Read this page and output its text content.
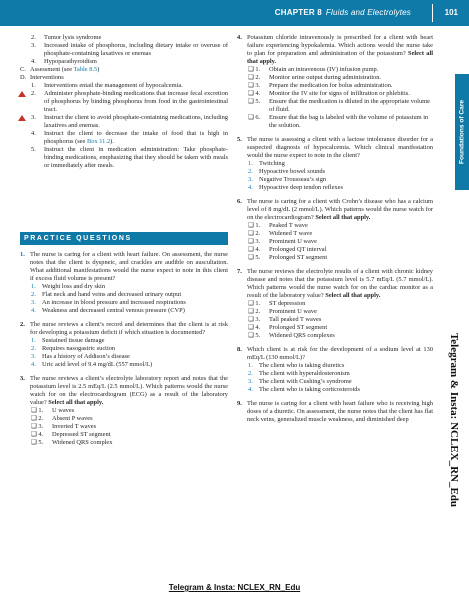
CHAPTER 8 Fluids and Electrolytes	101
Foundations of Care
Telegram & Insta: NCLEX_RN_Edu
2. Tumor lysis syndrome
3. Increased intake of phosphorus, including dietary intake or overuse of phosphate-containing laxatives or enemas
4. Hypoparathyroidism
C. Assessment (see Table 8.5)
D. Interventions
1. Interventions entail the management of hypocalcemia.
2. Administer phosphate-binding medications that increase fecal excretion of phosphorus by binding phosphorus from food in the gastrointestinal tract.
3. Instruct the client to avoid phosphate-containing medications, including laxatives and enemas.
4. Instruct the client to decrease the intake of food that is high in phosphorus (see Box 11.2).
5. Instruct the client in medication administration: Take phosphate-binding medications, emphasizing that they should be taken with meals or immediately after meals.
PRACTICE QUESTIONS
1. The nurse is caring for a client with heart failure. On assessment, the nurse notes that the client is dyspneic, and crackles are audible on auscultation. What additional manifestations would the nurse expect to note in this client if excess fluid volume is present?
1. Weight loss and dry skin
2. Flat neck and hand veins and decreased urinary output
3. An increase in blood pressure and increased respirations
4. Weakness and decreased central venous pressure (CVP)
2. The nurse reviews a client’s record and determines that the client is at risk for developing a potassium deficit if which situation is documented?
1. Sustained tissue damage
2. Requires nasogastric suction
3. Has a history of Addison’s disease
4. Uric acid level of 9.4 mg/dL (557 mmol/L)
3. The nurse reviews a client’s electrolyte laboratory report and notes that the potassium level is 2.5 mEq/L (2.5 mmol/L). Which patterns would the nurse watch for on the electrocardiogram (ECG) as a result of the laboratory value? Select all that apply.
❑ 1. U waves
❑ 2. Absent P waves
❑ 3. Inverted T waves
❑ 4. Depressed ST segment
❑ 5. Widened QRS complex
4. Potassium chloride intravenously is prescribed for a client with heart failure experiencing hypokalemia. Which actions would the nurse take to plan for preparation and administration of the potassium? Select all that apply.
❑ 1.	Obtain an intravenous (IV) infusion pump.
❑ 2.	Monitor urine output during administration.
❑ 3.	Prepare the medication for bolus administration.
❑ 4.	Monitor the IV site for signs of infiltration or phlebitis.
❑ 5.	Ensure that the medication is diluted in the appropriate volume of fluid.
❑ 6.	Ensure that the bag is labeled with the volume of potassium in the solution.
5. The nurse is assessing a client with a lactose intolerance disorder for a suspected diagnosis of hypocalcemia. Which clinical manifestation would the nurse expect to note in the client?
1. Twitching
2. Hypoactive bowel sounds
3. Negative Trousseau’s sign
4. Hypoactive deep tendon reflexes
6. The nurse is caring for a client with Crohn’s disease who has a calcium level of 8 mg/dL (2 mmol/L). Which patterns would the nurse watch for on the electrocardiogram? Select all that apply.
❑ 1. Peaked T wave
❑ 2. Widened T wave
❑ 3. Prominent U wave
❑ 4. Prolonged QT interval
❑ 5. Prolonged ST segment
7. The nurse reviews the electrolyte results of a client with chronic kidney disease and notes that the potassium level is 5.7 mEq/L (5.7 mmol/L). Which patterns would the nurse watch for on the cardiac monitor as a result of the laboratory value? Select all that apply.
❑ 1. ST depression
❑ 2. Prominent U wave
❑ 3. Tall peaked T waves
❑ 4. Prolonged ST segment
❑ 5. Widened QRS complexes
8. Which client is at risk for the development of a sodium level at 130 mEq/L (130 mmol/L)?
1. The client who is taking diuretics
2. The client with hyperaldosteronism
3. The client with Cushing’s syndrome
4. The client who is taking corticosteroids
9. The nurse is caring for a client with heart failure who is receiving high doses of a diuretic. On assessment, the nurse notes that the client has flat neck veins, generalized muscle weakness, and diminished deep
Telegram & Insta: NCLEX_RN_Edu
